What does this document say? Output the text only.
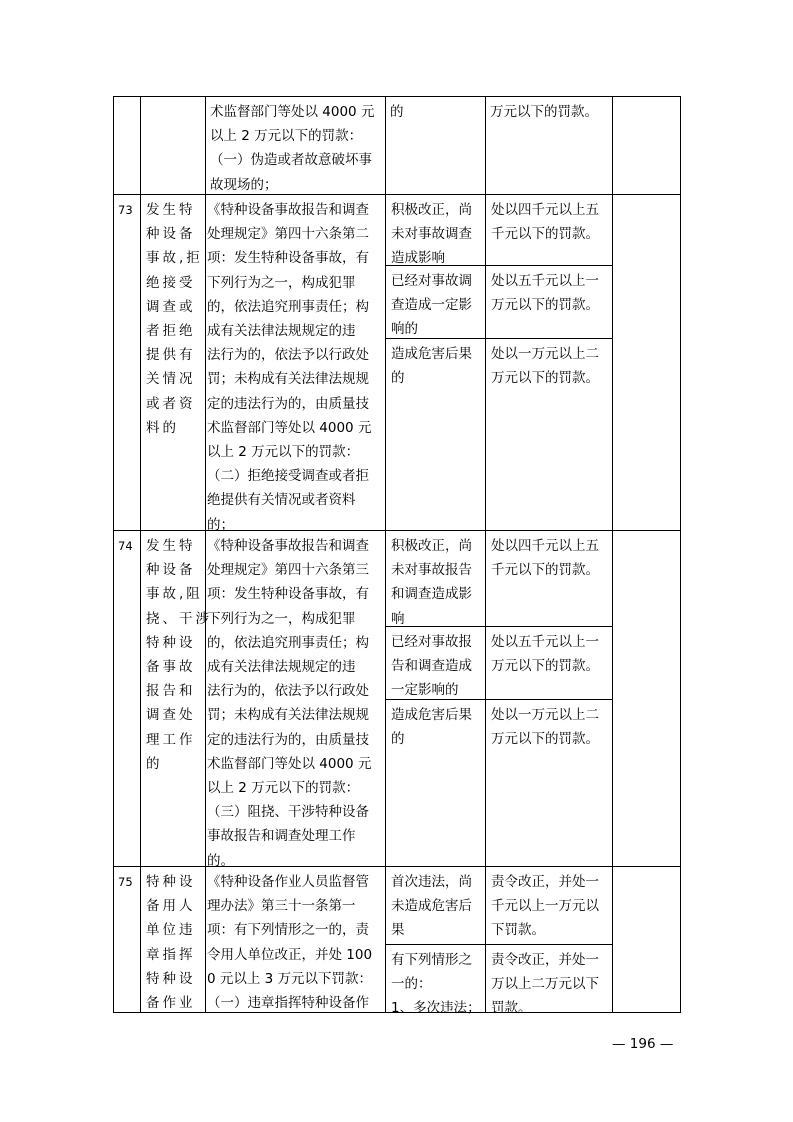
术监督部门等处以 4000 元
以上 2 万元以下的罚款：
（一）伪造或者故意破坏事
故现场的；
的	万元以下的罚款。
73 发生特
种设备
事故,拒
绝接受
调查或
者拒绝
提供有
关情况
或者资
料的
《特种设备事故报告和调查
处理规定》第四十六条第二
项：发生特种设备事故，有
下列行为之一，构成犯罪
的，依法追究刑事责任；构
成有关法律法规规定的违
法行为的，依法予以行政处
罚；未构成有关法律法规规
定的违法行为的，由质量技
术监督部门等处以 4000 元
以上 2 万元以下的罚款：
（二）拒绝接受调查或者拒
绝提供有关情况或者资料
的；
积极改正，尚
未对事故调查
造成影响
已经对事故调
查造成一定影
响的
造成危害后果
的
处以四千元以上五
千元以下的罚款。
处以五千元以上一
万元以下的罚款。
处以一万元以上二
万元以下的罚款。
74 发生特
种设备
事故,阻
挠、干涉
特种设
备事故
报告和
调查处
理工作
的
《特种设备事故报告和调查
处理规定》第四十六条第三
项：发生特种设备事故，有
下列行为之一，构成犯罪
的，依法追究刑事责任；构
成有关法律法规规定的违
法行为的，依法予以行政处
罚；未构成有关法律法规规
定的违法行为的，由质量技
术监督部门等处以 4000 元
以上 2 万元以下的罚款：
（三）阻挠、干涉特种设备
事故报告和调查处理工作
的。
积极改正，尚
未对事故报告
和调查造成影
响
已经对事故报
告和调查造成
一定影响的
造成危害后果
的
处以四千元以上五
千元以下的罚款。
处以五千元以上一
万元以下的罚款。
处以一万元以上二
万元以下的罚款。
75 特种设
备用人
单位违
章指挥
特种设
备作业
《特种设备作业人员监督管
理办法》第三十一条第一
项：有下列情形之一的，责
令用人单位改正，并处 100
0 元以上 3 万元以下罚款：
（一）违章指挥特种设备作
首次违法，尚
未造成危害后
果
有下列情形之
一的：
1、多次违法；
责令改正，并处一
千元以上一万元以
下罚款。
责令改正，并处一
万以上二万元以下
罚款。
— 196 —
